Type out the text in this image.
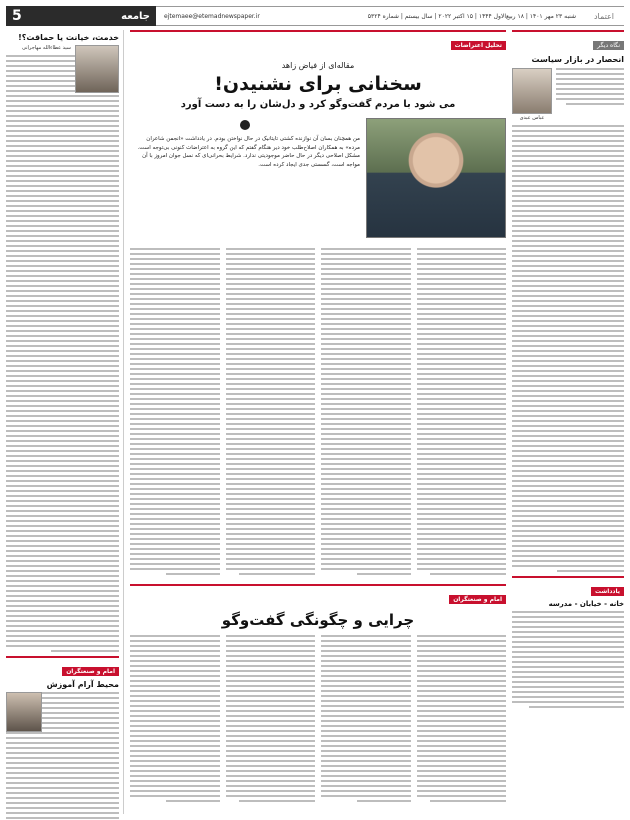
اعتماد
شنبه ۲۳ مهر ۱۴۰۱ | ۱۸ ربیع‌الاول ۱۴۴۴ | ۱۵ اکتبر ۲۰۲۲ | سال بیستم | شماره ۵۳۲۴
ejtemaee@etemadnewspaper.ir
جامعه
5
نگاه دیگر
انحصار در بازار سیاست
عباس عبدی
یادداشت
خانه - خیابان - مدرسه
تحلیل اعتراضات
مقاله‌ای از فیاض زاهد
سخنانی برای نشنیدن!
می شود با مردم گفت‌وگو کرد و دل‌شان را به دست آورد

من همچنان بسان آن نوازنده کشتی تایتانیک در حال نواختن بودم. در یادداشت «انجمن شاعران مرده» به همکاران اصلاح‌طلب خود دیر هنگام گفتم که این گروه به اعتراضات کنونی بی‌توجه است. مشکل اصلاحی دیگر در حال حاضر موجودیتی ندارد. شرایط بحرانی‌ای که نسل جوان امروز با آن مواجه است، گسستی جدی ایجاد کرده است.

امام و صنعتگران
چرایی و چگونگی گفت‌وگو
خدمت، خیانت یا حماقت؟!
سید عطاءالله مهاجرانی
امام و صنعتگران
محیط آرام آموزش
